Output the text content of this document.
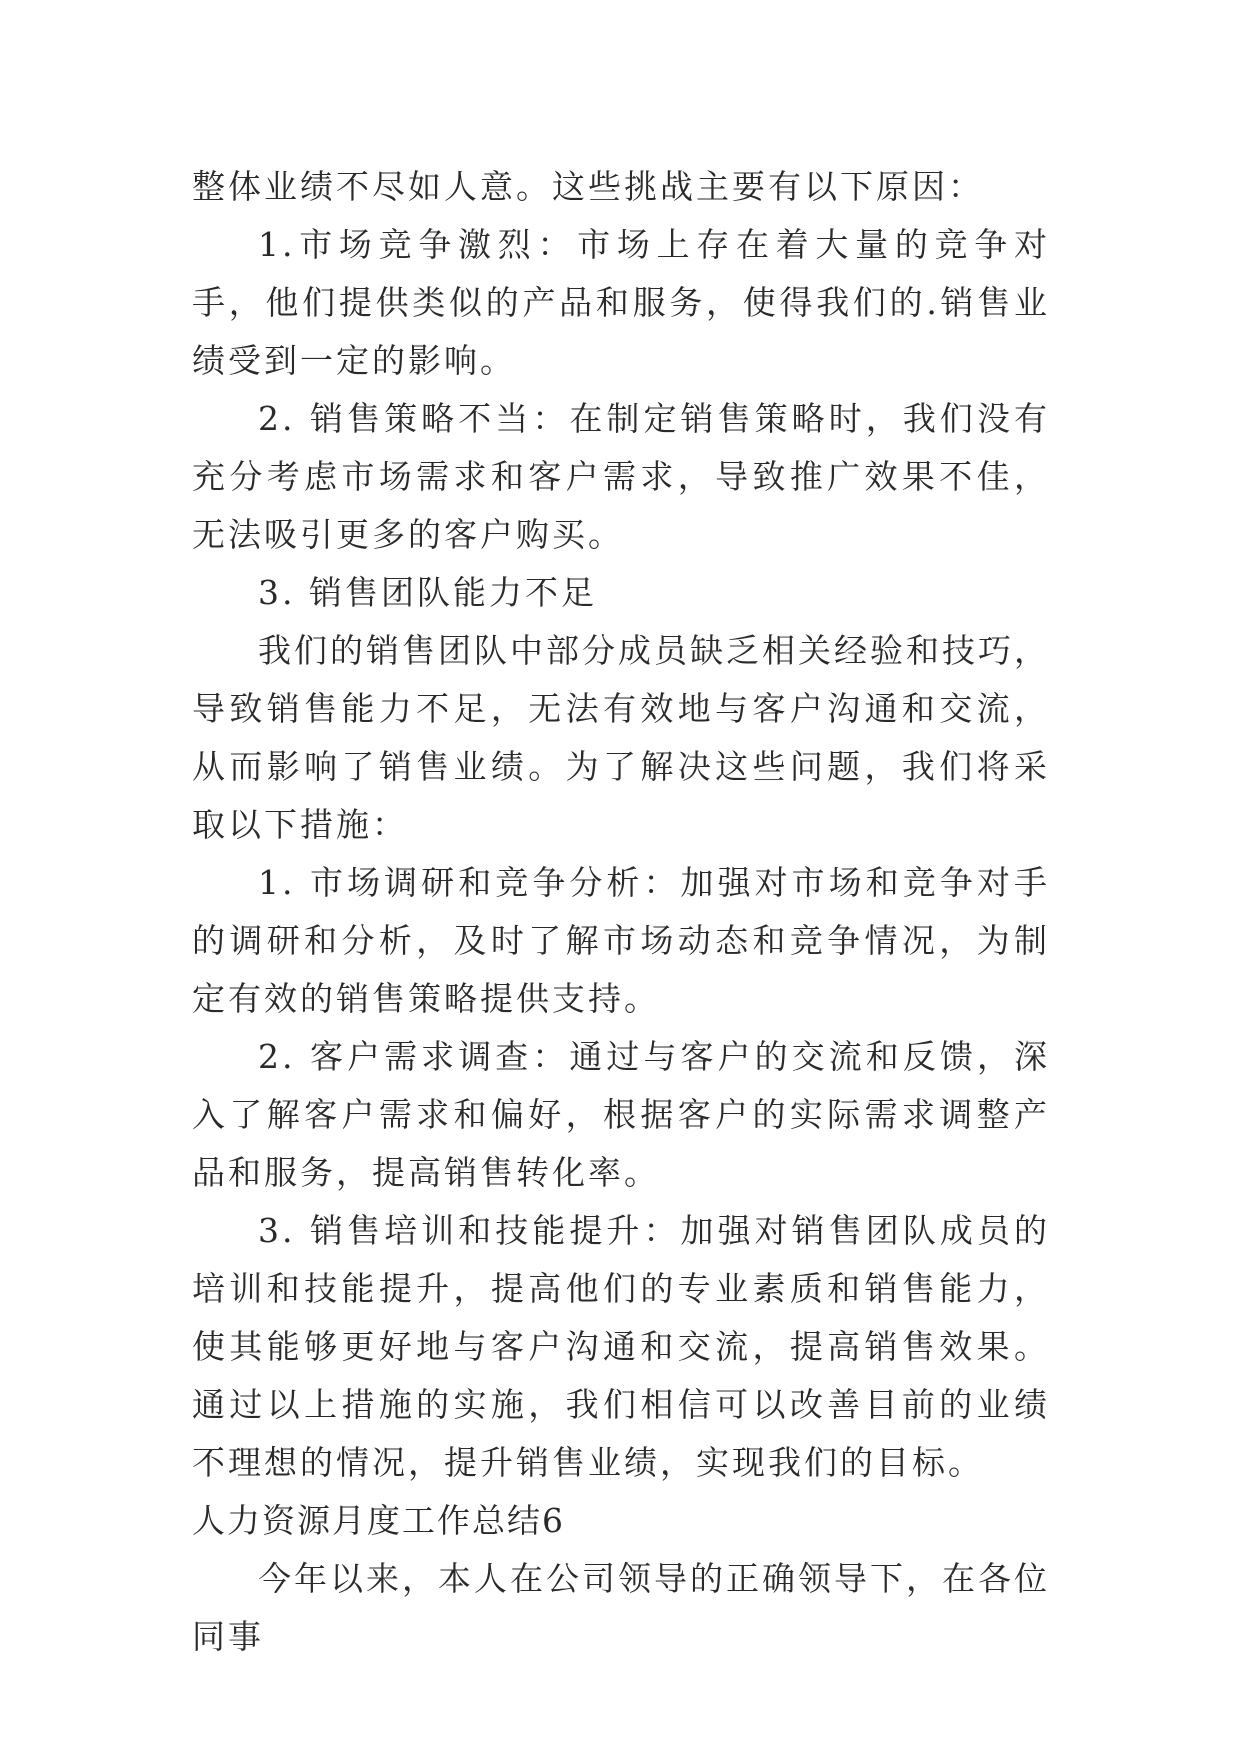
整体业绩不尽如人意。这些挑战主要有以下原因：

1.市场竞争激烈：市场上存在着大量的竞争对手，他们提供类似的产品和服务，使得我们的.销售业绩受到一定的影响。

2. 销售策略不当：在制定销售策略时，我们没有充分考虑市场需求和客户需求，导致推广效果不佳，无法吸引更多的客户购买。

3. 销售团队能力不足

我们的销售团队中部分成员缺乏相关经验和技巧，导致销售能力不足，无法有效地与客户沟通和交流，从而影响了销售业绩。为了解决这些问题，我们将采取以下措施：

1. 市场调研和竞争分析：加强对市场和竞争对手的调研和分析，及时了解市场动态和竞争情况，为制定有效的销售策略提供支持。

2. 客户需求调查：通过与客户的交流和反馈，深入了解客户需求和偏好，根据客户的实际需求调整产品和服务，提高销售转化率。

3. 销售培训和技能提升：加强对销售团队成员的培训和技能提升，提高他们的专业素质和销售能力，使其能够更好地与客户沟通和交流，提高销售效果。通过以上措施的实施，我们相信可以改善目前的业绩不理想的情况，提升销售业绩，实现我们的目标。

人力资源月度工作总结6

今年以来，本人在公司领导的正确领导下，在各位同事
